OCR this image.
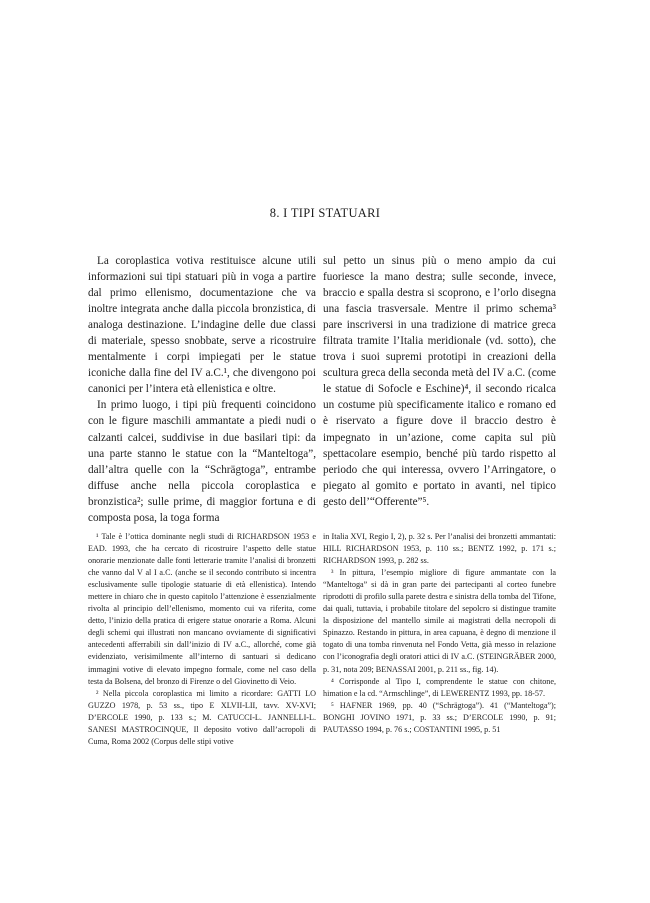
8. I TIPI STATUARI

La coroplastica votiva restituisce alcune utili informazioni sui tipi statuari più in voga a partire dal primo ellenismo, documentazione che va inoltre integrata anche dalla piccola bronzistica, di analoga destinazione. L’indagine delle due classi di materiale, spesso snobbate, serve a ricostruire mentalmente i corpi impiegati per le statue iconiche dalla fine del IV a.C.¹, che divengono poi canonici per l’intera età ellenistica e oltre.

In primo luogo, i tipi più frequenti coincidono con le figure maschili ammantate a piedi nudi o calzanti calcei, suddivise in due basilari tipi: da una parte stanno le statue con la “Manteltoga”, dall’altra quelle con la “Schrägtoga”, entrambe diffuse anche nella piccola coroplastica e bronzistica²; sulle prime, di maggior fortuna e di composta posa, la toga forma

sul petto un sinus più o meno ampio da cui fuoriesce la mano destra; sulle seconde, invece, braccio e spalla destra si scoprono, e l’orlo disegna una fascia trasversale. Mentre il primo schema³ pare inscriversi in una tradizione di matrice greca filtrata tramite l’Italia meridionale (vd. sotto), che trova i suoi supremi prototipi in creazioni della scultura greca della seconda metà del IV a.C. (come le statue di Sofocle e Eschine)⁴, il secondo ricalca un costume più specificamente italico e romano ed è riservato a figure dove il braccio destro è impegnato in un’azione, come capita sul più spettacolare esempio, benché più tardo rispetto al periodo che qui interessa, ovvero l’Arringatore, o piegato al gomito e portato in avanti, nel tipico gesto dell’“Offerente”⁵.

¹ Tale è l’ottica dominante negli studi di RICHARDSON 1953 e EAD. 1993, che ha cercato di ricostruire l’aspetto delle statue onorarie menzionate dalle fonti letterarie tramite l’analisi di bronzetti che vanno dal V al I a.C. (anche se il secondo contributo si incentra esclusivamente sulle tipologie statuarie di età ellenistica). Intendo mettere in chiaro che in questo capitolo l’attenzione è essenzialmente rivolta al principio dell’ellenismo, momento cui va riferita, come detto, l’inizio della pratica di erigere statue onorarie a Roma. Alcuni degli schemi qui illustrati non mancano ovviamente di significativi antecedenti afferrabili sin dall’inizio di IV a.C., allorché, come già evidenziato, verisimilmente all’interno di santuari si dedicano immagini votive di elevato impegno formale, come nel caso della testa da Bolsena, del bronzo di Firenze o del Giovinetto di Veio.

² Nella piccola coroplastica mi limito a ricordare: GATTI LO GUZZO 1978, p. 53 ss., tipo E XLVII-LII, tavv. XV-XVI; D’ERCOLE 1990, p. 133 s.; M. CATUCCI-L. JANNELLI-L. SANESI MASTROCINQUE, Il deposito votivo dall’acropoli di Cuma, Roma 2002 (Corpus delle stipi votive

in Italia XVI, Regio I, 2), p. 32 s. Per l’analisi dei bronzetti ammantati: HILL RICHARDSON 1953, p. 110 ss.; BENTZ 1992, p. 171 s.; RICHARDSON 1993, p. 282 ss.

³ In pittura, l’esempio migliore di figure ammantate con la “Manteltoga” si dà in gran parte dei partecipanti al corteo funebre riprodotti di profilo sulla parete destra e sinistra della tomba del Tifone, dai quali, tuttavia, i probabile titolare del sepolcro si distingue tramite la disposizione del mantello simile ai magistrati della necropoli di Spinazzo. Restando in pittura, in area capuana, è degno di menzione il togato di una tomba rinvenuta nel Fondo Vetta, già messo in relazione con l’iconografia degli oratori attici di IV a.C. (STEINGRÄBER 2000, p. 31, nota 209; BENASSAI 2001, p. 211 ss., fig. 14).

⁴ Corrisponde al Tipo I, comprendente le statue con chitone, himation e la cd. “Armschlinge”, di LEWERENTZ 1993, pp. 18-57.

⁵ HAFNER 1969, pp. 40 (“Schrägtoga”). 41 (“Manteltoga”); BONGHI JOVINO 1971, p. 33 ss.; D’ERCOLE 1990, p. 91; PAUTASSO 1994, p. 76 s.; COSTANTINI 1995, p. 51
